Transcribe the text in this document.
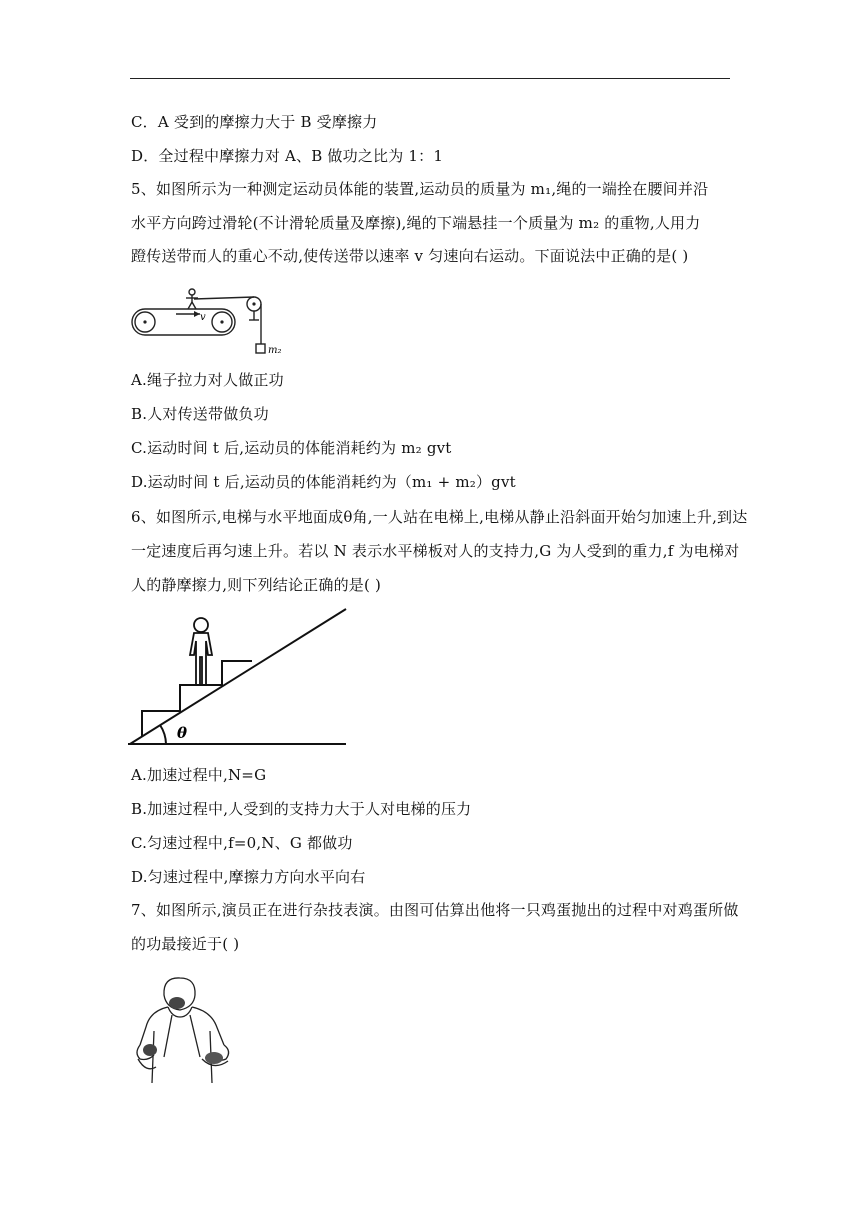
C．A 受到的摩擦力大于 B 受摩擦力
D．全过程中摩擦力对 A、B 做功之比为 1：1
5、如图所示为一种测定运动员体能的装置,运动员的质量为 m₁,绳的一端拴在腰间并沿
水平方向跨过滑轮(不计滑轮质量及摩擦),绳的下端悬挂一个质量为 m₂ 的重物,人用力
蹬传送带而人的重心不动,使传送带以速率 v 匀速向右运动。下面说法中正确的是( )
v
m₂
A.绳子拉力对人做正功
B.人对传送带做负功
C.运动时间 t 后,运动员的体能消耗约为 m₂ gvt
D.运动时间 t 后,运动员的体能消耗约为（m₁ + m₂）gvt
6、如图所示,电梯与水平地面成θ角,一人站在电梯上,电梯从静止沿斜面开始匀加速上升,到达
一定速度后再匀速上升。若以 N 表示水平梯板对人的支持力,G 为人受到的重力,f 为电梯对
人的静摩擦力,则下列结论正确的是( )
θ
A.加速过程中,N=G
B.加速过程中,人受到的支持力大于人对电梯的压力
C.匀速过程中,f=0,N、G 都做功
D.匀速过程中,摩擦力方向水平向右
7、如图所示,演员正在进行杂技表演。由图可估算出他将一只鸡蛋抛出的过程中对鸡蛋所做
的功最接近于( )
